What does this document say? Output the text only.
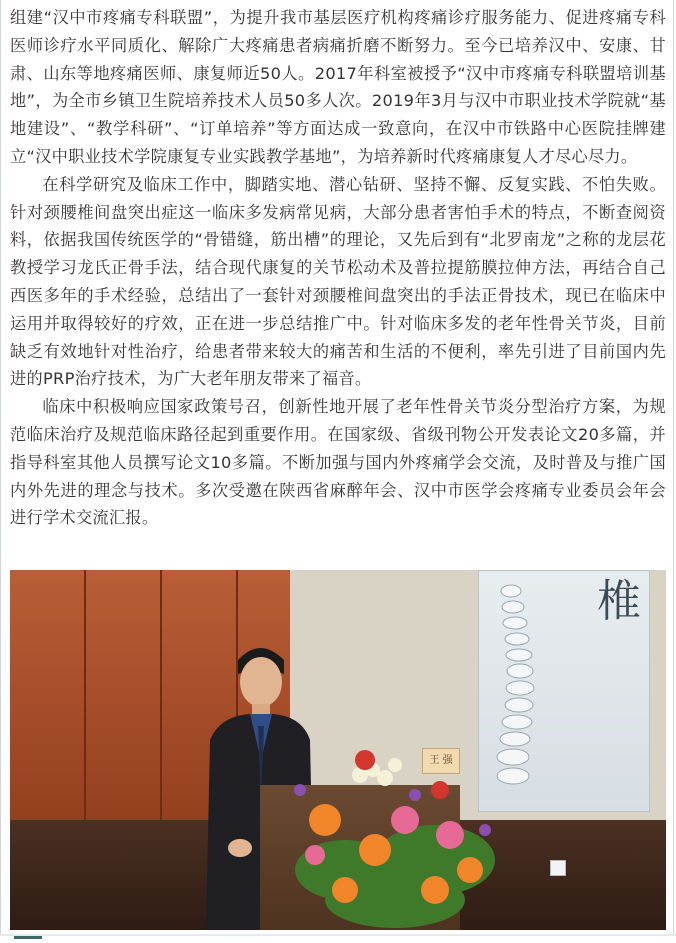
组建“汉中市疼痛专科联盟”，为提升我市基层医疗机构疼痛诊疗服务能力、促进疼痛专科医师诊疗水平同质化、解除广大疼痛患者病痛折磨不断努力。至今已培养汉中、安康、甘肃、山东等地疼痛医师、康复师近50人。2017年科室被授予“汉中市疼痛专科联盟培训基地”，为全市乡镇卫生院培养技术人员50多人次。2019年3月与汉中市职业技术学院就“基地建设”、“教学科研”、“订单培养”等方面达成一致意向，在汉中市铁路中心医院挂牌建立“汉中职业技术学院康复专业实践教学基地”，为培养新时代疼痛康复人才尽心尽力。

在科学研究及临床工作中，脚踏实地、潜心钻研、坚持不懈、反复实践、不怕失败。针对颈腰椎间盘突出症这一临床多发病常见病，大部分患者害怕手术的特点，不断查阅资料，依据我国传统医学的“骨错缝，筋出槽”的理论，又先后到有“北罗南龙”之称的龙层花教授学习龙氏正骨手法，结合现代康复的关节松动术及普拉提筋膜拉伸方法，再结合自己西医多年的手术经验，总结出了一套针对颈腰椎间盘突出的手法正骨技术，现已在临床中运用并取得较好的疗效，正在进一步总结推广中。针对临床多发的老年性骨关节炎，目前缺乏有效地针对性治疗，给患者带来较大的痛苦和生活的不便利，率先引进了目前国内先进的PRP治疗技术，为广大老年朋友带来了福音。

临床中积极响应国家政策号召，创新性地开展了老年性骨关节炎分型治疗方案，为规范临床治疗及规范临床路径起到重要作用。在国家级、省级刊物公开发表论文20多篇，并指导科室其他人员撰写论文10多篇。不断加强与国内外疼痛学会交流，及时普及与推广国内外先进的理念与技术。多次受邀在陕西省麻醉年会、汉中市医学会疼痛专业委员会年会进行学术交流汇报。

椎
王 强
